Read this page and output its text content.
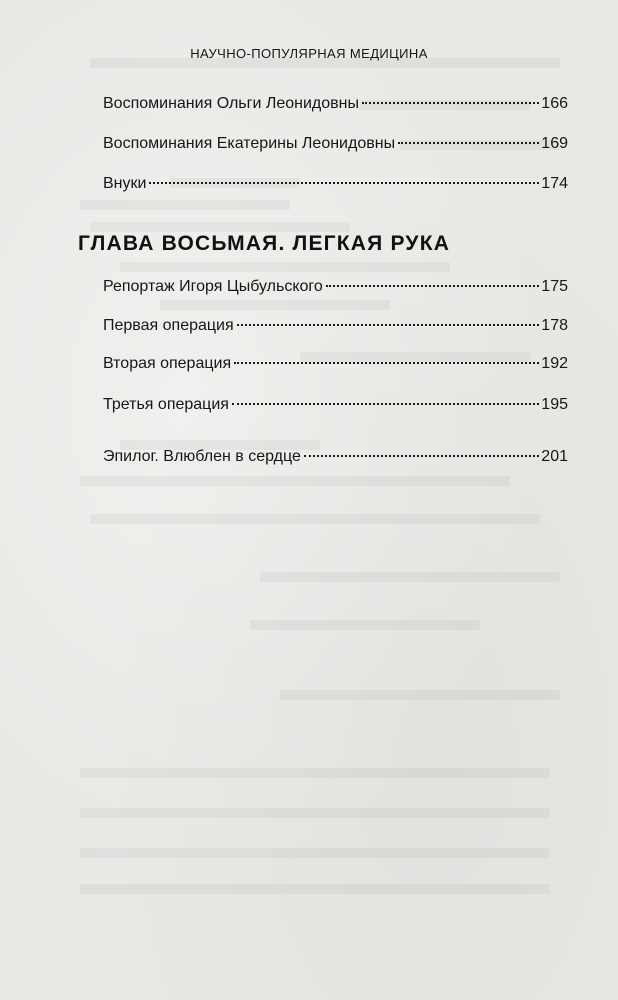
НАУЧНО-ПОПУЛЯРНАЯ МЕДИЦИНА
Воспоминания Ольги Леонидовны	166
Воспоминания Екатерины Леонидовны	169
Внуки	174
ГЛАВА ВОСЬМАЯ. ЛЕГКАЯ РУКА
Репортаж Игоря Цыбульского	175
Первая операция	178
Вторая операция	192
Третья операция	195
Эпилог. Влюблен в сердце	201
